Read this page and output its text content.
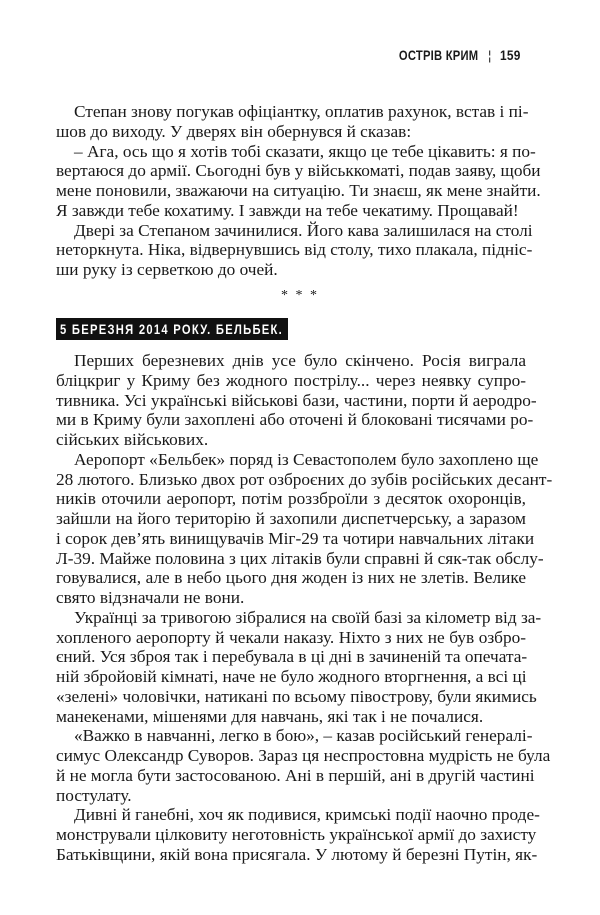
ОСТРІВ КРИМ ¦ 159
Степан знову погукав офіціантку, оплатив рахунок, встав і пі-
шов до виходу. У дверях він обернувся й сказав:
– Ага, ось що я хотів тобі сказати, якщо це тебе цікавить: я по-
вертаюся до армії. Сьогодні був у військкоматі, подав заяву, щоби
мене поновили, зважаючи на ситуацію. Ти знаєш, як мене знайти.
Я завжди тебе кохатиму. І завжди на тебе чекатиму. Прощавай!
Двері за Степаном зачинилися. Його кава залишилася на столі
неторкнута. Ніка, відвернувшись від столу, тихо плакала, підніс-
ши руку із серветкою до очей.
* * *
5 БЕРЕЗНЯ 2014 РОКУ. БЕЛЬБЕК. КРИМ
Перших березневих днів усе було скінчено. Росія виграла
бліцкриг у Криму без жодного пострілу... через неявку супро-
тивника. Усі українські військові бази, частини, порти й аеродро-
ми в Криму були захоплені або оточені й блоковані тисячами ро-
сійських військових.
Аеропорт «Бельбек» поряд із Севастополем було захоплено ще
28 лютого. Близько двох рот озброєних до зубів російських десант-
ників оточили аеропорт, потім роззброїли з десяток охоронців,
зайшли на його територію й захопили диспетчерську, а заразом
і сорок дев’ять винищувачів Міг-29 та чотири навчальних літаки
Л-39. Майже половина з цих літаків були справні й сяк-так обслу-
говувалися, але в небо цього дня жоден із них не злетів. Велике
свято відзначали не вони.
Українці за тривогою зібралися на своїй базі за кілометр від за-
хопленого аеропорту й чекали наказу. Ніхто з них не був озбро-
єний. Уся зброя так і перебувала в ці дні в зачиненій та опечата-
ній збройовій кімнаті, наче не було жодного вторгнення, а всі ці
«зелені» чоловічки, натикані по всьому півострову, були якимись
манекенами, мішенями для навчань, які так і не почалися.
«Важко в навчанні, легко в бою», – казав російський генералі-
симус Олександр Суворов. Зараз ця неспростовна мудрість не була
й не могла бути застосованою. Ані в першій, ані в другій частині
постулату.
Дивні й ганебні, хоч як подивися, кримські події наочно проде-
монстрували цілковиту неготовність української армії до захисту
Батьківщини, якій вона присягала. У лютому й березні Путін, як-
